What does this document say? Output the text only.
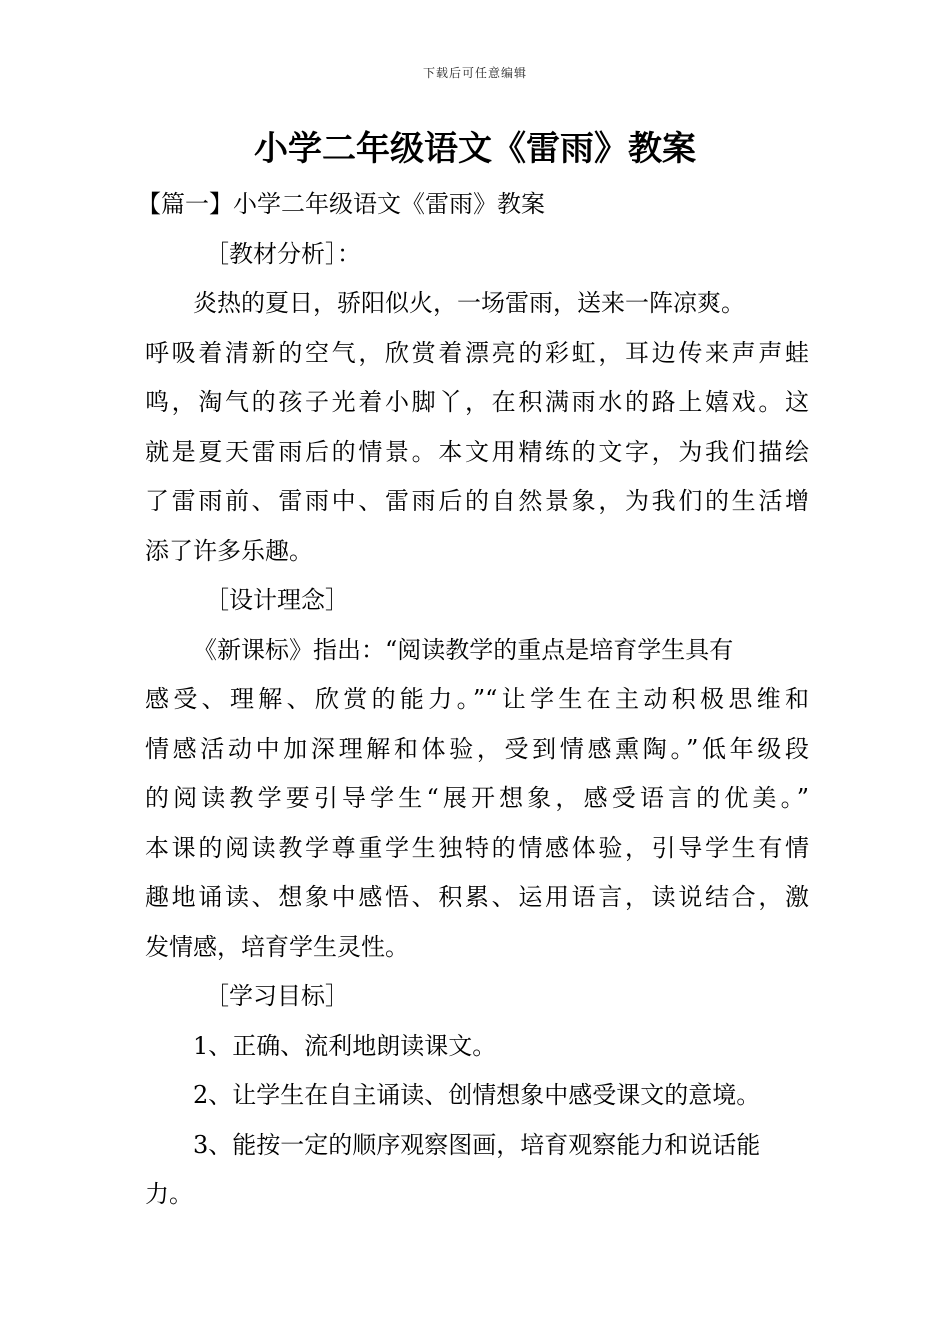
下载后可任意编辑
小学二年级语文《雷雨》教案

【篇一】小学二年级语文《雷雨》教案

［教材分析］：

炎热的夏日，骄阳似火，一场雷雨，送来一阵凉爽。
呼吸着清新的空气，欣赏着漂亮的彩虹，耳边传来声声蛙
鸣，淘气的孩子光着小脚丫，在积满雨水的路上嬉戏。这
就是夏天雷雨后的情景。本文用精练的文字，为我们描绘
了雷雨前、雷雨中、雷雨后的自然景象，为我们的生活增
添了许多乐趣。

［设计理念］

《新课标》指出：“阅读教学的重点是培育学生具有
感受、理解、欣赏的能力。”“让学生在主动积极思维和
情感活动中加深理解和体验，受到情感熏陶。”低年级段
的阅读教学要引导学生“展开想象，感受语言的优美。”
本课的阅读教学尊重学生独特的情感体验，引导学生有情
趣地诵读、想象中感悟、积累、运用语言，读说结合，激
发情感，培育学生灵性。

［学习目标］

1、正确、流利地朗读课文。

2、让学生在自主诵读、创情想象中感受课文的意境。

3、能按一定的顺序观察图画，培育观察能力和说话能
力。
